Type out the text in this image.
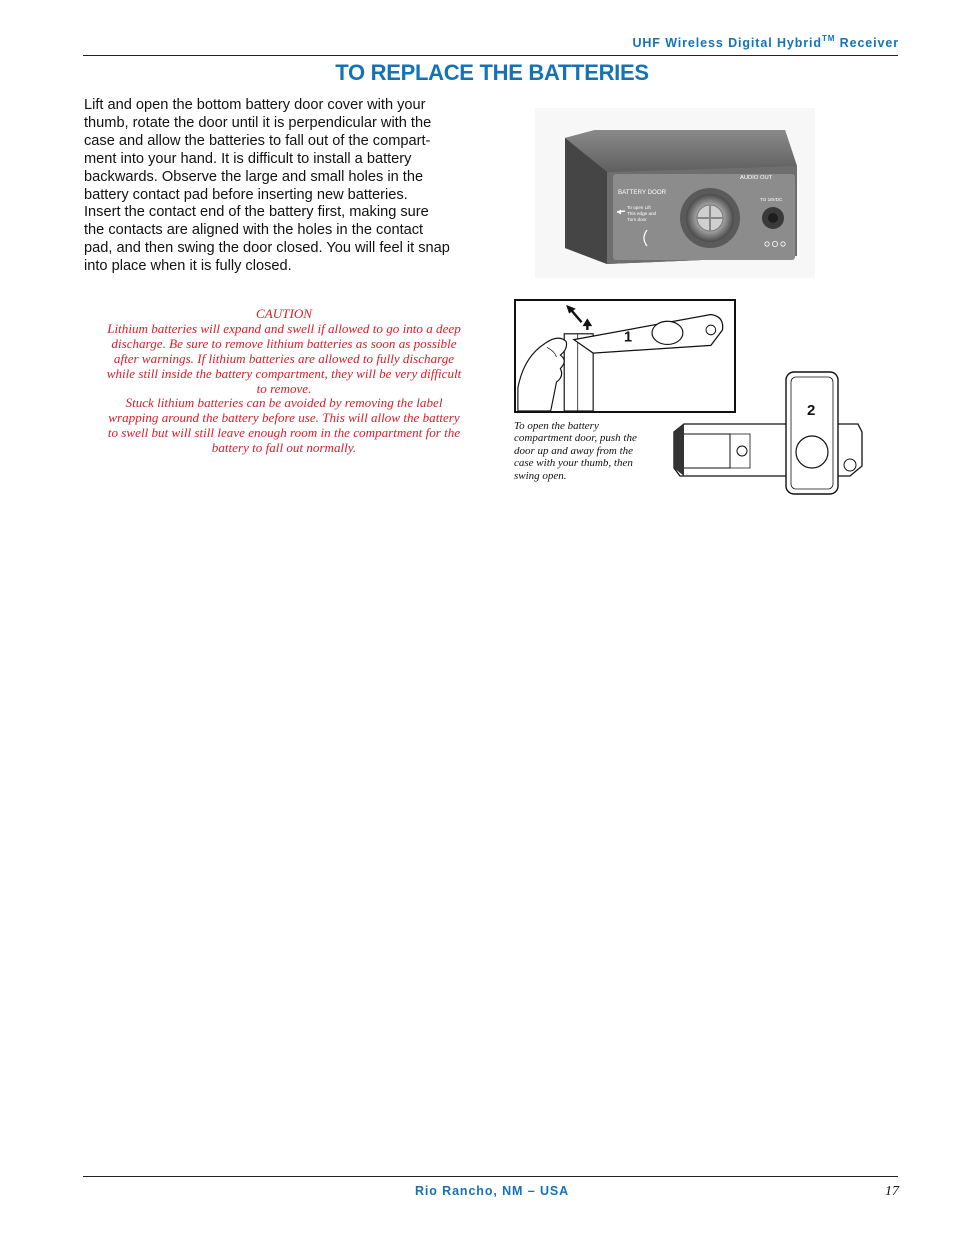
UHF Wireless Digital Hybrid™ Receiver
TO REPLACE THE BATTERIES

Lift and open the bottom battery door cover with your
thumb, rotate the door until it is perpendicular with the
case and allow the batteries to fall out of the compart-
ment into your hand. It is difficult to install a battery
backwards. Observe the large and small holes in the
battery contact pad before inserting new batteries.
Insert the contact end of the battery first, making sure
the contacts are aligned with the holes in the contact
pad, and then swing the door closed. You will feel it snap
into place when it is fully closed.

CAUTION
Lithium batteries will expand and swell if allowed to go into a deep
discharge. Be sure to remove lithium batteries as soon as possible
after warnings. If lithium batteries are allowed to fully discharge
while still inside the battery compartment, they will be very difficult
to remove.
Stuck lithium batteries can be avoided by removing the label
wrapping around the battery before use. This will allow the battery
to swell but will still leave enough room in the compartment for the
battery to fall out normally.
BATTERY DOOR
AUDIO OUT
To open Lift
This edge and
Turn door
TO 18VDC
1
2

To open the battery
compartment door, push the
door up and away from the
case with your thumb, then
swing open.

Rio Rancho, NM – USA	17
